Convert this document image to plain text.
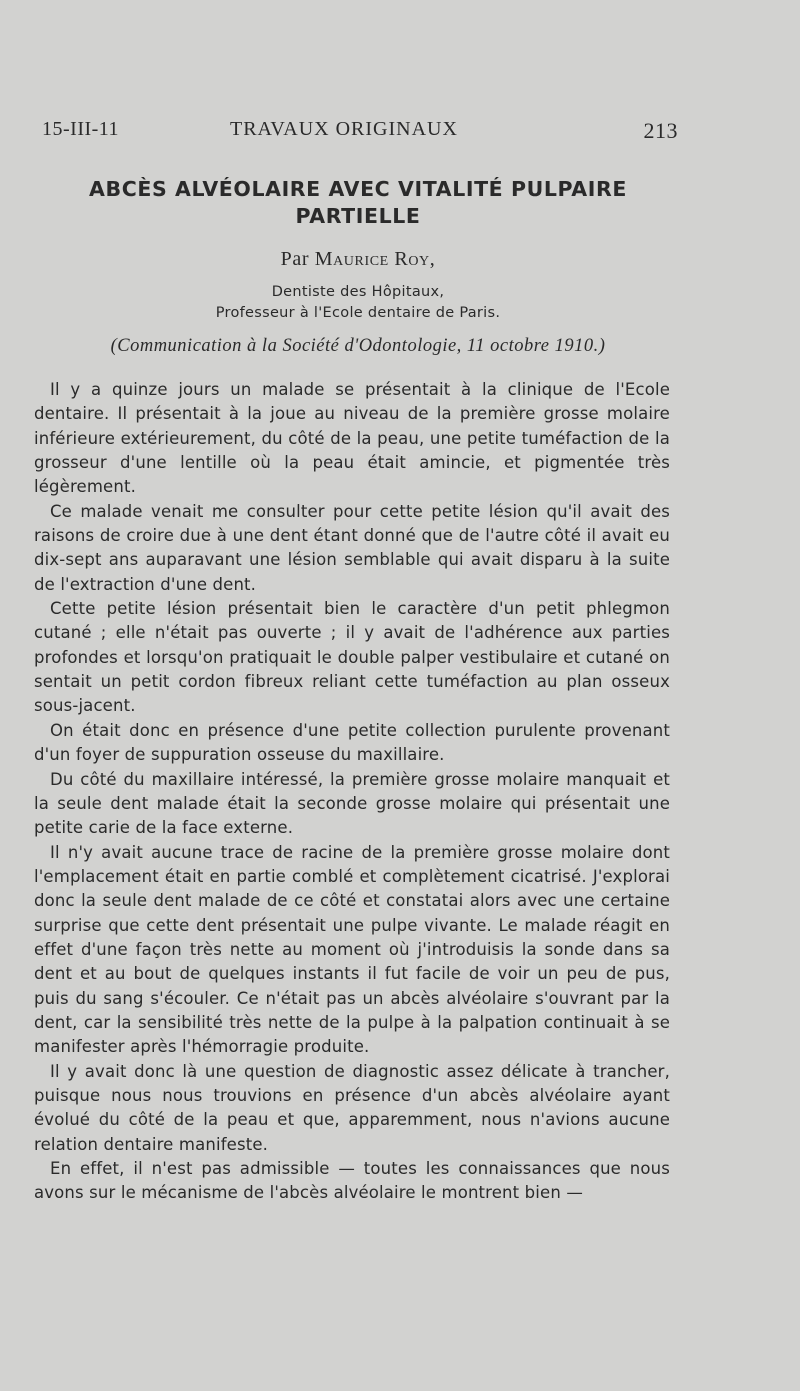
15-III-11	TRAVAUX ORIGINAUX	213
ABCÈS ALVÉOLAIRE AVEC VITALITÉ PULPAIRE PARTIELLE
Par Maurice Roy,
Dentiste des Hôpitaux,
Professeur à l'Ecole dentaire de Paris.
(Communication à la Société d'Odontologie, 11 octobre 1910.)

Il y a quinze jours un malade se présentait à la clinique de l'Ecole dentaire. Il présentait à la joue au niveau de la première grosse molaire inférieure extérieurement, du côté de la peau, une petite tuméfaction de la grosseur d'une lentille où la peau était amincie, et pigmentée très légèrement.

Ce malade venait me consulter pour cette petite lésion qu'il avait des raisons de croire due à une dent étant donné que de l'autre côté il avait eu dix-sept ans auparavant une lésion semblable qui avait disparu à la suite de l'extraction d'une dent.

Cette petite lésion présentait bien le caractère d'un petit phlegmon cutané ; elle n'était pas ouverte ; il y avait de l'adhérence aux parties profondes et lorsqu'on pratiquait le double palper vestibulaire et cutané on sentait un petit cordon fibreux reliant cette tuméfaction au plan osseux sous-jacent.

On était donc en présence d'une petite collection purulente provenant d'un foyer de suppuration osseuse du maxillaire.

Du côté du maxillaire intéressé, la première grosse molaire manquait et la seule dent malade était la seconde grosse molaire qui présentait une petite carie de la face externe.

Il n'y avait aucune trace de racine de la première grosse molaire dont l'emplacement était en partie comblé et complètement cicatrisé. J'explorai donc la seule dent malade de ce côté et constatai alors avec une certaine surprise que cette dent présentait une pulpe vivante. Le malade réagit en effet d'une façon très nette au moment où j'introduisis la sonde dans sa dent et au bout de quelques instants il fut facile de voir un peu de pus, puis du sang s'écouler. Ce n'était pas un abcès alvéolaire s'ouvrant par la dent, car la sensibilité très nette de la pulpe à la palpation continuait à se manifester après l'hémorragie produite.

Il y avait donc là une question de diagnostic assez délicate à trancher, puisque nous nous trouvions en présence d'un abcès alvéolaire ayant évolué du côté de la peau et que, apparemment, nous n'avions aucune relation dentaire manifeste.

En effet, il n'est pas admissible — toutes les connaissances que nous avons sur le mécanisme de l'abcès alvéolaire le montrent bien —
